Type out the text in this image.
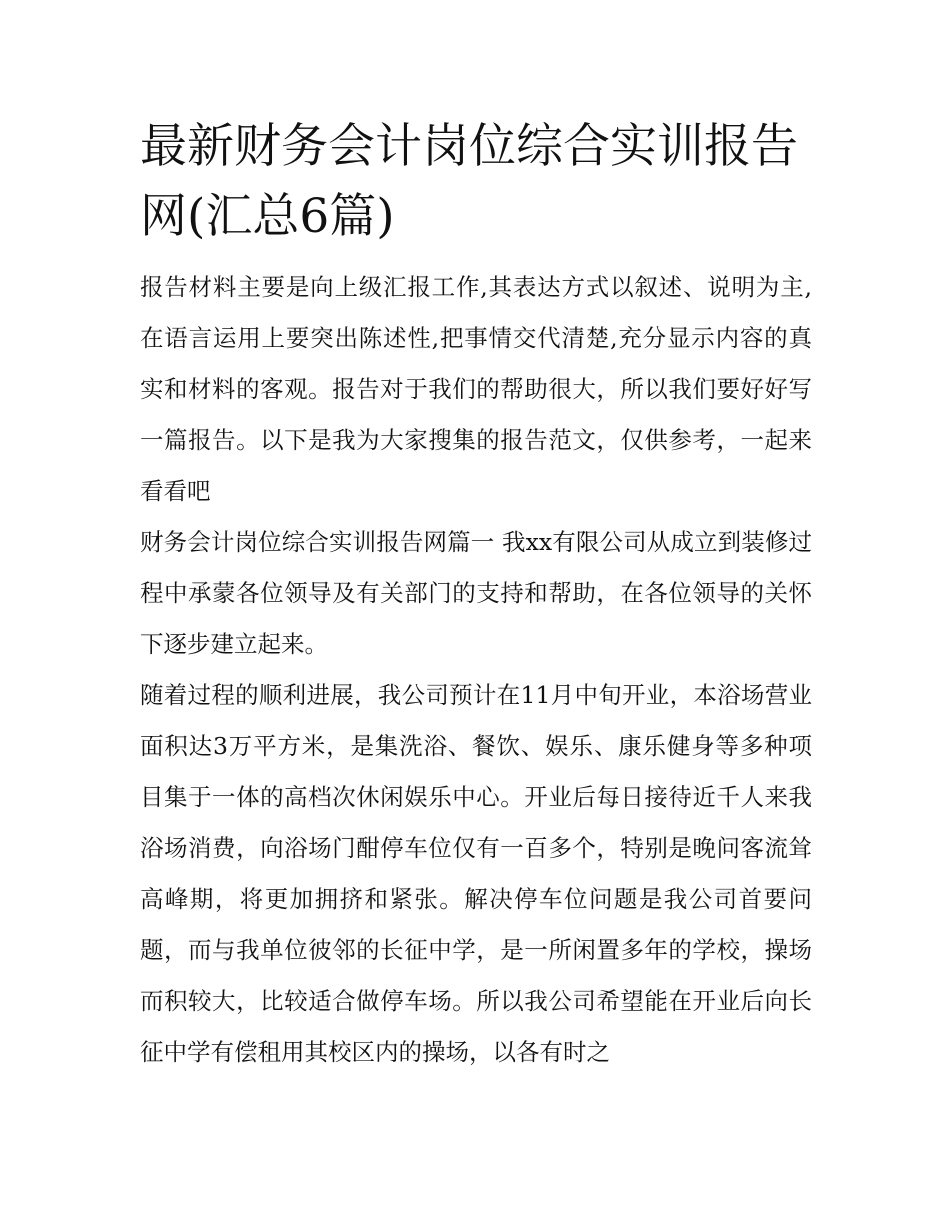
最新财务会计岗位综合实训报告网(汇总6篇)

报告材料主要是向上级汇报工作,其表达方式以叙述、说明为主,在语言运用上要突出陈述性,把事情交代清楚,充分显示内容的真实和材料的客观。报告对于我们的帮助很大，所以我们要好好写一篇报告。以下是我为大家搜集的报告范文，仅供参考，一起来看看吧

财务会计岗位综合实训报告网篇一 我xx有限公司从成立到装修过程中承蒙各位领导及有关部门的支持和帮助，在各位领导的关怀下逐步建立起来。

随着过程的顺利进展，我公司预计在11月中旬开业，本浴场营业面积达3万平方米，是集洗浴、餐饮、娱乐、康乐健身等多种项目集于一体的高档次休闲娱乐中心。开业后每日接待近千人来我浴场消费，向浴场门酣停车位仅有一百多个，特别是晚问客流耸高峰期，将更加拥挤和紧张。解决停车位问题是我公司首要问题，而与我单位彼邻的长征中学，是一所闲置多年的学校，操场而积较大，比较适合做停车场。所以我公司希望能在开业后向长征中学有偿租用其校区内的操场，以各有时之
